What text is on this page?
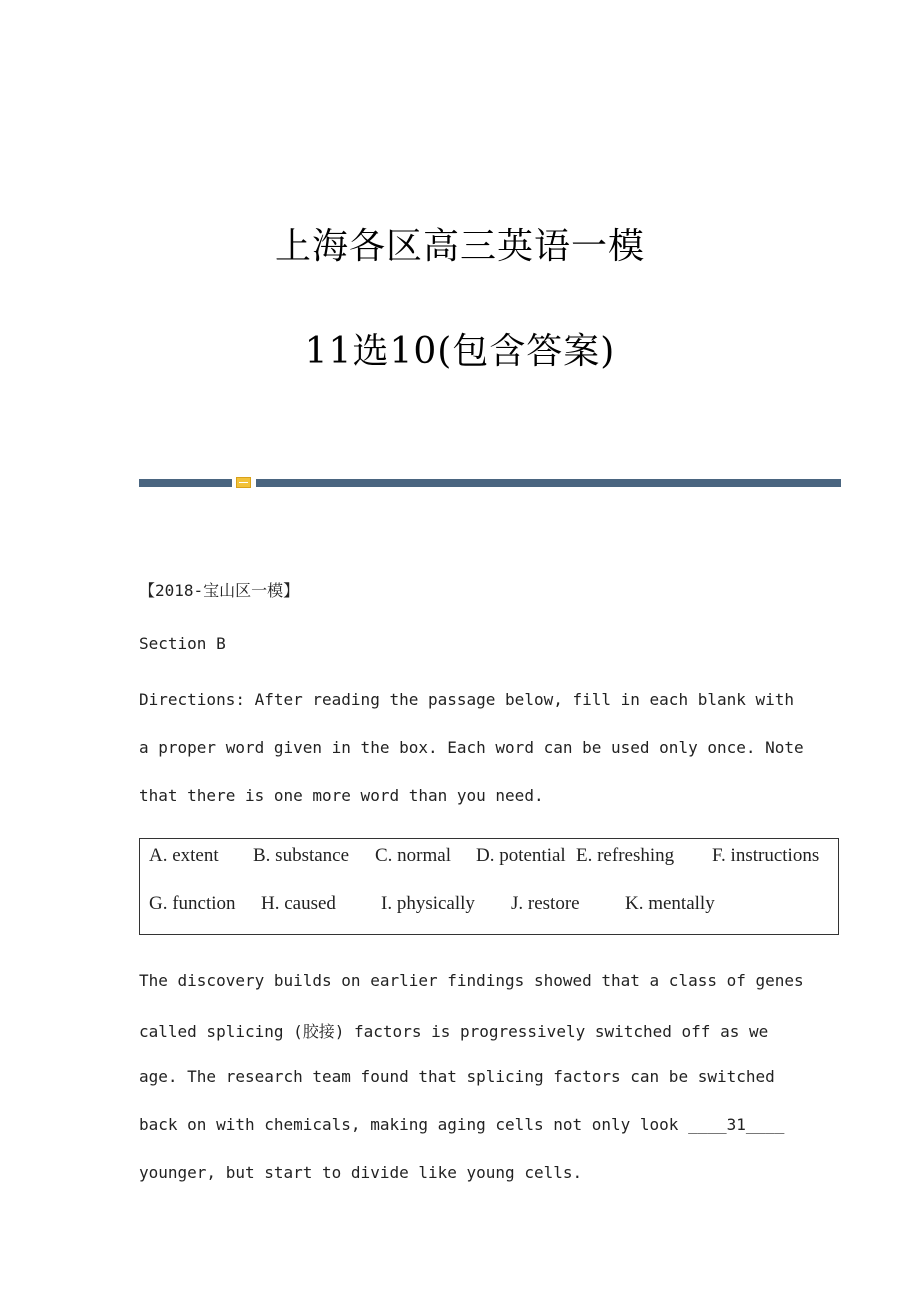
上海各区高三英语一模
11选10(包含答案)

【2018-宝山区一模】

Section B

Directions: After reading the passage below, fill in each blank with

a proper word given in the box. Each word can be used only once. Note

that there is one more word than you need.

A. extent B. substance C. normal D. potential E. refreshing F. instructions
G. function H. caused I. physically J. restore K. mentally

The discovery builds on earlier findings showed that a class of genes

called splicing (胶接) factors is progressively switched off as we

age. The research team found that splicing factors can be switched

back on with chemicals, making aging cells not only look ____31____

younger, but start to divide like young cells.
